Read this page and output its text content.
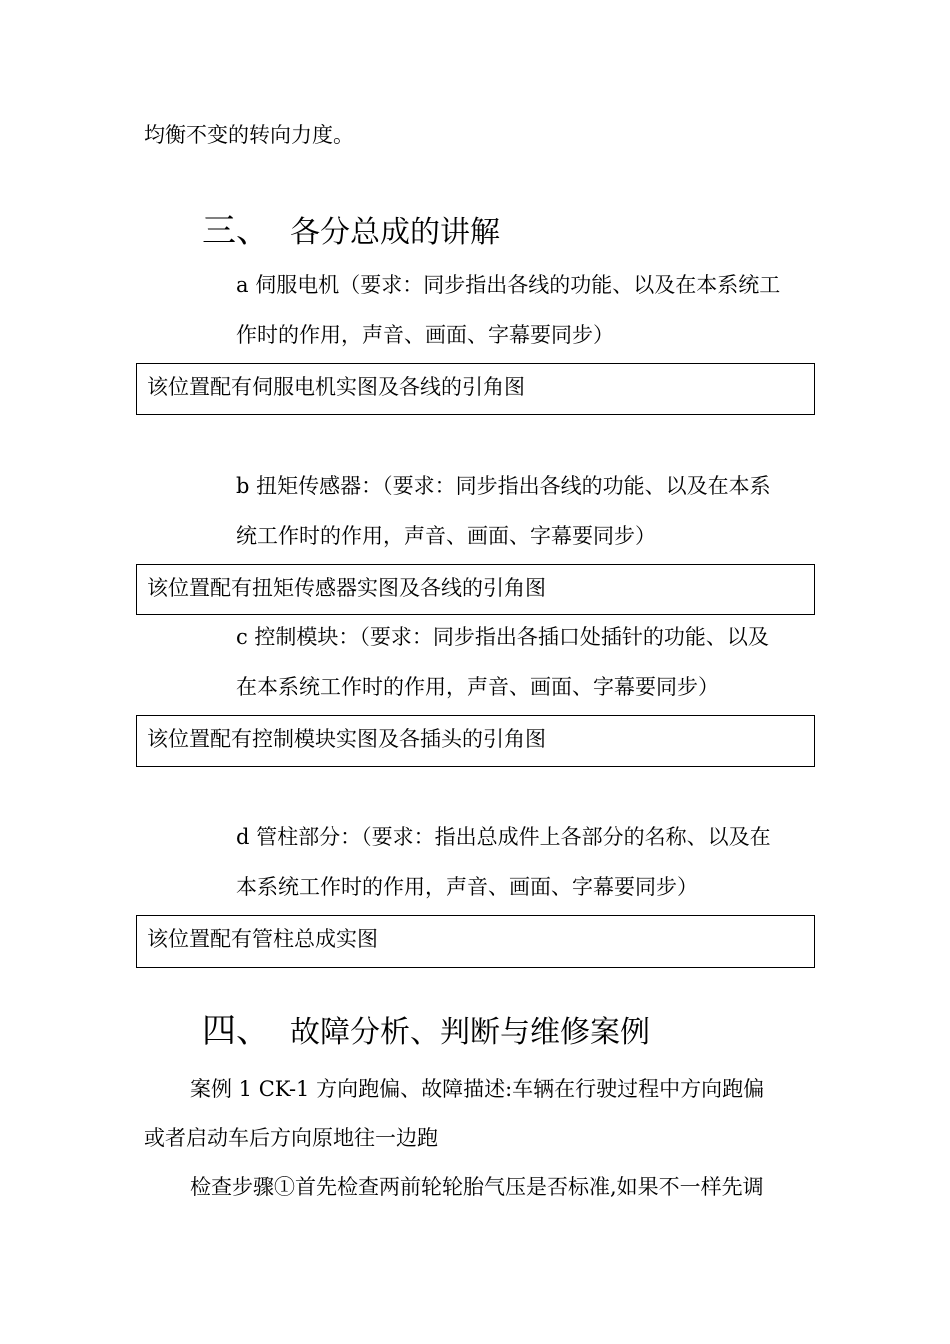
均衡不变的转向力度。
三、 各分总成的讲解
a 伺服电机（要求：同步指出各线的功能、以及在本系统工
作时的作用，声音、画面、字幕要同步）
该位置配有伺服电机实图及各线的引角图
b 扭矩传感器：（要求：同步指出各线的功能、以及在本系
统工作时的作用，声音、画面、字幕要同步）
该位置配有扭矩传感器实图及各线的引角图
c 控制模块：（要求：同步指出各插口处插针的功能、以及
在本系统工作时的作用，声音、画面、字幕要同步）
该位置配有控制模块实图及各插头的引角图
d 管柱部分：（要求：指出总成件上各部分的名称、以及在
本系统工作时的作用，声音、画面、字幕要同步）
该位置配有管柱总成实图
四、 故障分析、判断与维修案例
案例 1 CK-1 方向跑偏、故障描述:车辆在行驶过程中方向跑偏
或者启动车后方向原地往一边跑
检查步骤①首先检查两前轮轮胎气压是否标准,如果不一样先调
